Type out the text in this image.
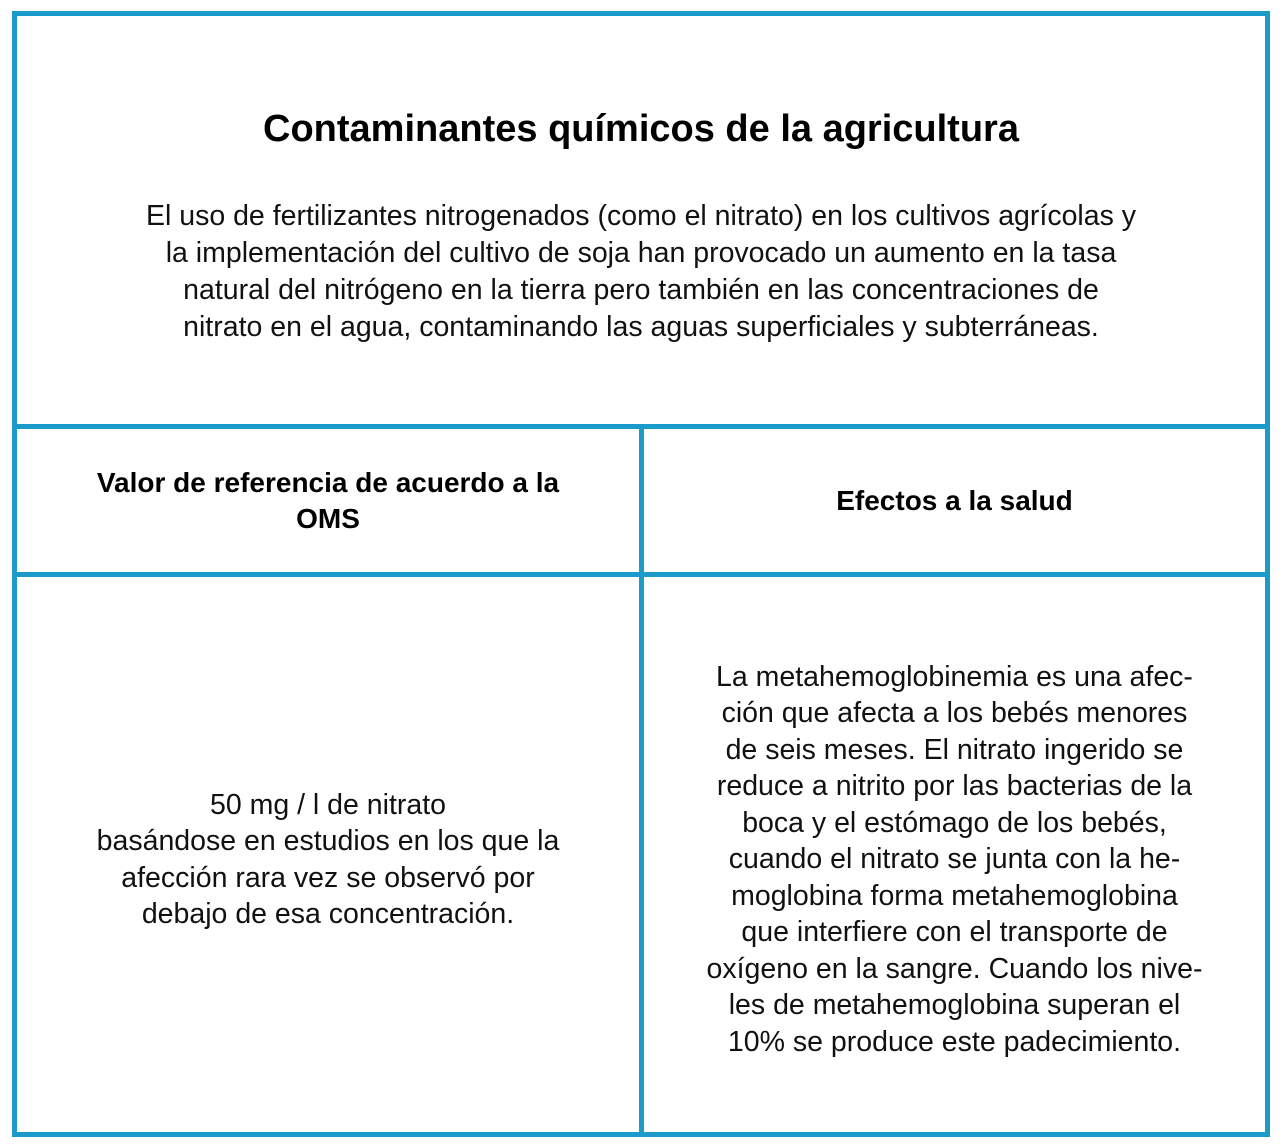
Contaminantes químicos de la agricultura
El uso de fertilizantes nitrogenados (como el nitrato) en los cultivos agrícolas y
la implementación del cultivo de soja han provocado un aumento en la tasa
natural del nitrógeno en la tierra pero también en las concentraciones de
nitrato en el agua, contaminando las aguas superficiales y subterráneas.
Valor de referencia de acuerdo a la
OMS
Efectos a la salud
50 mg / l de nitrato
basándose en estudios en los que la
afección rara vez se observó por
debajo de esa concentración.
La metahemoglobinemia es una afec-
ción que afecta a los bebés menores
de seis meses. El nitrato ingerido se
reduce a nitrito por las bacterias de la
boca y el estómago de los bebés,
cuando el nitrato se junta con la he-
moglobina forma metahemoglobina
que interfiere con el transporte de
oxígeno en la sangre. Cuando los nive-
les de metahemoglobina superan el
10% se produce este padecimiento.
